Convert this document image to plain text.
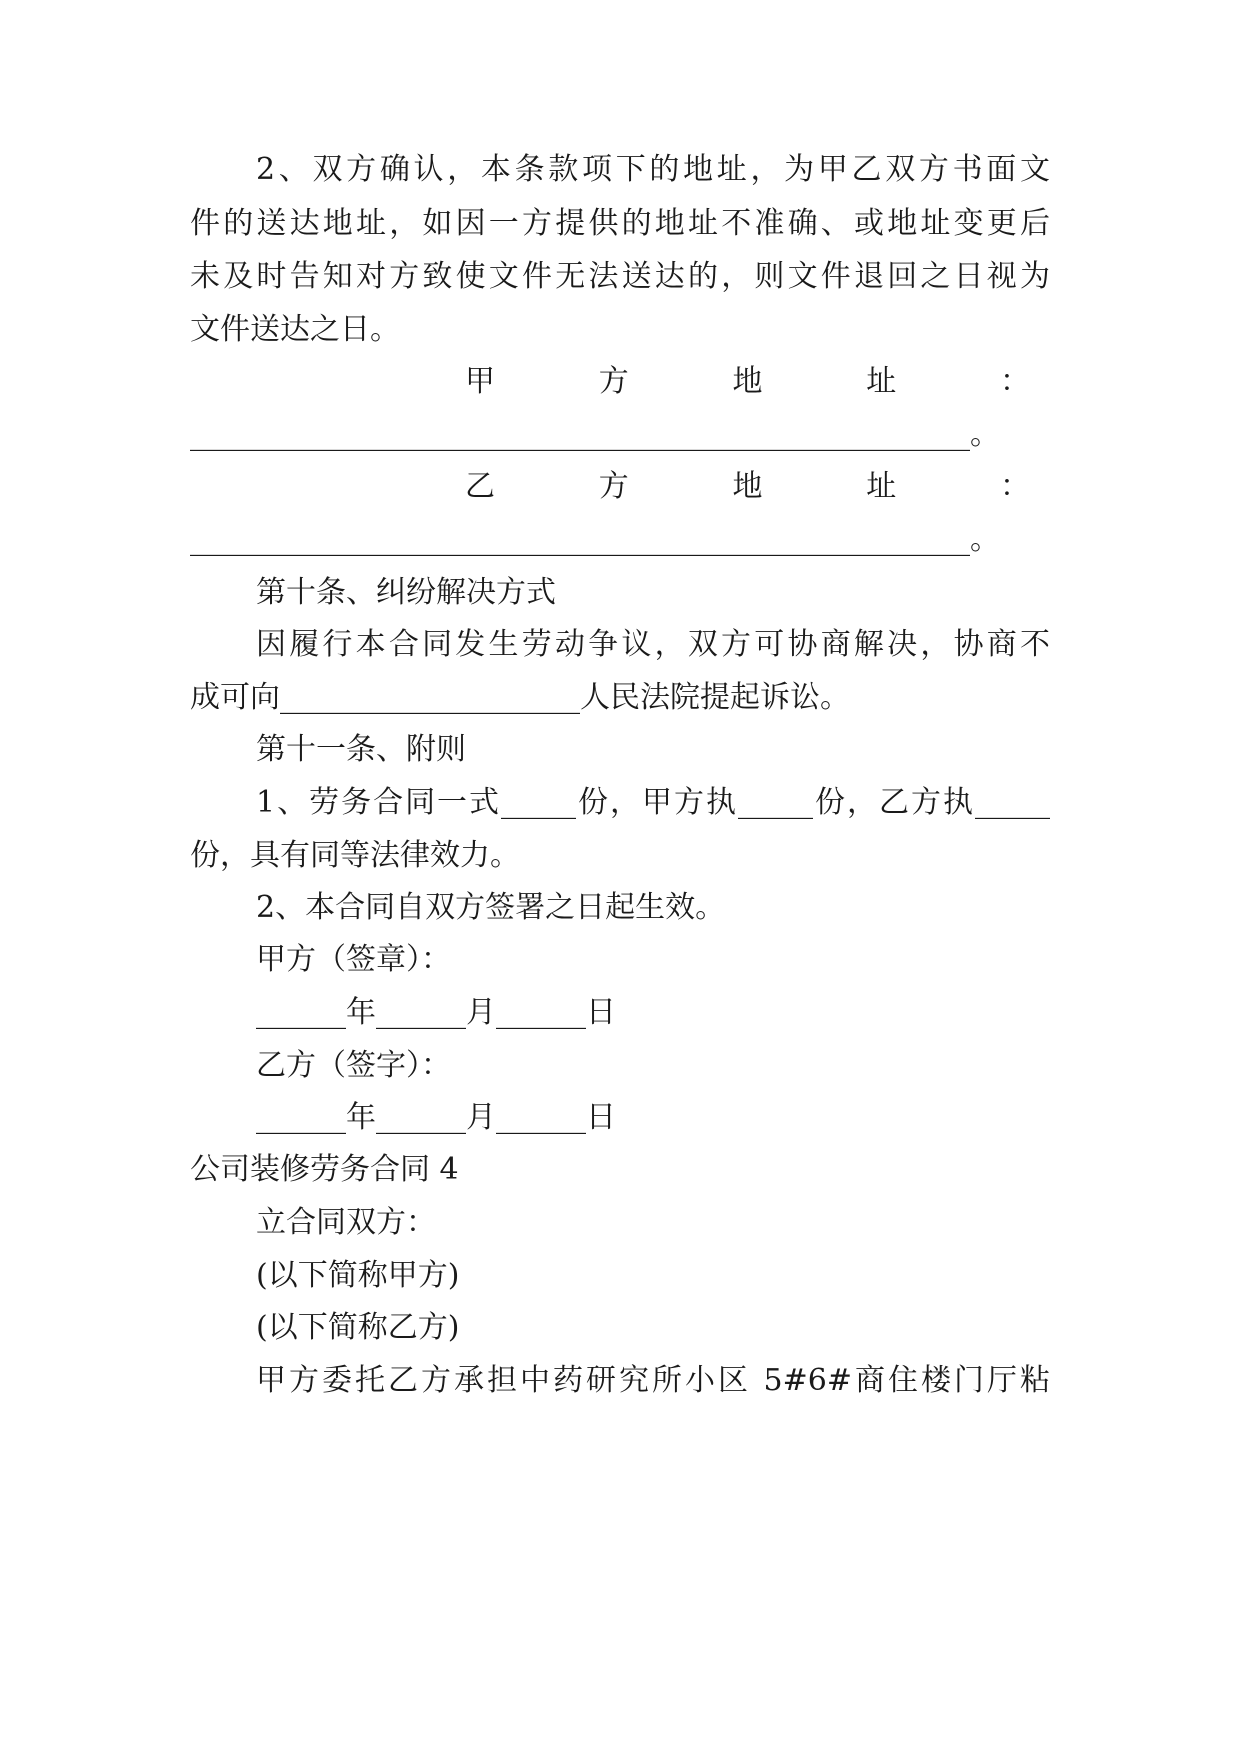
2、双方确认，本条款项下的地址，为甲乙双方书面文
件的送达地址，如因一方提供的地址不准确、或地址变更后
未及时告知对方致使文件无法送达的，则文件退回之日视为
文件送达之日。
甲	方	地	址	：
____________________________________________________。
乙	方	地	址	：
____________________________________________________。
第十条、纠纷解决方式
因履行本合同发生劳动争议，双方可协商解决，协商不
成可向____________________人民法院提起诉讼。
第十一条、附则
1、劳务合同一式_____份，甲方执_____份，乙方执_____
份，具有同等法律效力。
2、本合同自双方签署之日起生效。
甲方（签章）：
______年______月______日
乙方（签字）：
______年______月______日
公司装修劳务合同 4
立合同双方：
(以下简称甲方)
(以下简称乙方)
甲方委托乙方承担中药研究所小区 5#6#商住楼门厅粘
